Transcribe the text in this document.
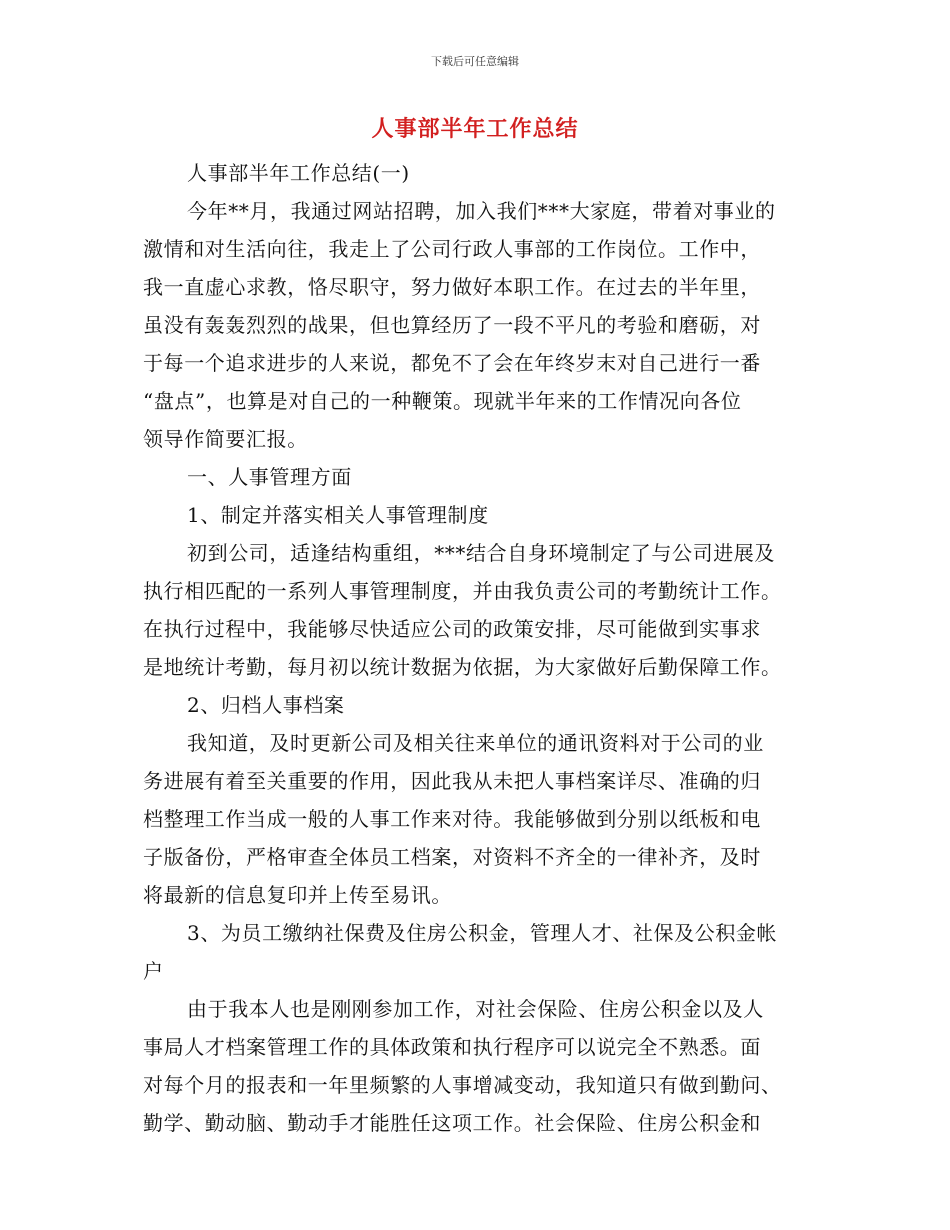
下载后可任意编辑
人事部半年工作总结
人事部半年工作总结(一)
今年**月，我通过网站招聘，加入我们***大家庭，带着对事业的
激情和对生活向往，我走上了公司行政人事部的工作岗位。工作中，
我一直虚心求教，恪尽职守，努力做好本职工作。在过去的半年里，
虽没有轰轰烈烈的战果，但也算经历了一段不平凡的考验和磨砺，对
于每一个追求进步的人来说，都免不了会在年终岁末对自己进行一番
“盘点”，也算是对自己的一种鞭策。现就半年来的工作情况向各位
领导作简要汇报。
一、人事管理方面
1、制定并落实相关人事管理制度
初到公司，适逢结构重组，***结合自身环境制定了与公司进展及
执行相匹配的一系列人事管理制度，并由我负责公司的考勤统计工作。
在执行过程中，我能够尽快适应公司的政策安排，尽可能做到实事求
是地统计考勤，每月初以统计数据为依据，为大家做好后勤保障工作。
2、归档人事档案
我知道，及时更新公司及相关往来单位的通讯资料对于公司的业
务进展有着至关重要的作用，因此我从未把人事档案详尽、准确的归
档整理工作当成一般的人事工作来对待。我能够做到分别以纸板和电
子版备份，严格审查全体员工档案，对资料不齐全的一律补齐，及时
将最新的信息复印并上传至易讯。
3、为员工缴纳社保费及住房公积金，管理人才、社保及公积金帐
户
由于我本人也是刚刚参加工作，对社会保险、住房公积金以及人
事局人才档案管理工作的具体政策和执行程序可以说完全不熟悉。面
对每个月的报表和一年里频繁的人事增减变动，我知道只有做到勤问、
勤学、勤动脑、勤动手才能胜任这项工作。社会保险、住房公积金和
